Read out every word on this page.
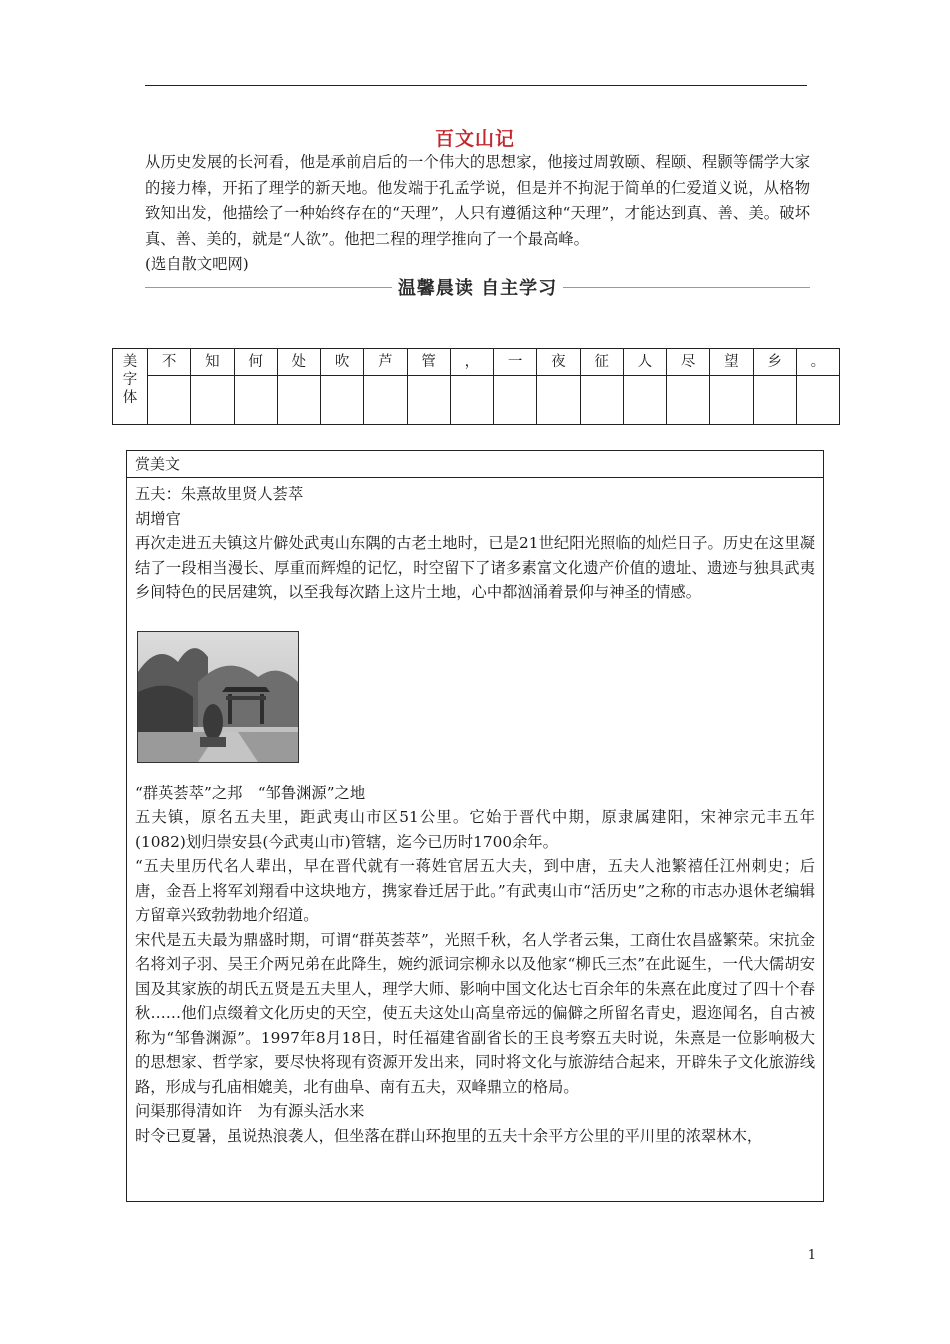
百文山记

从历史发展的长河看，他是承前启后的一个伟大的思想家，他接过周敦颐、程颐、程颢等儒学大家的接力棒，开拓了理学的新天地。他发端于孔孟学说，但是并不拘泥于简单的仁爱道义说，从格物致知出发，他描绘了一种始终存在的“天理”，人只有遵循这种“天理”，才能达到真、善、美。破坏真、善、美的，就是“人欲”。他把二程的理学推向了一个最高峰。

(选自散文吧网)

温馨晨读 自主学习
美
字
体	不	知	何	处	吹	芦	管	，	一	夜	征	人	尽	望	乡	。

赏美文

五夫：朱熹故里贤人荟萃

胡增官

再次走进五夫镇这片僻处武夷山东隅的古老土地时，已是21世纪阳光照临的灿烂日子。历史在这里凝结了一段相当漫长、厚重而辉煌的记忆，时空留下了诸多素富文化遗产价值的遗址、遗迹与独具武夷乡间特色的民居建筑，以至我每次踏上这片土地，心中都汹涌着景仰与神圣的情感。

“群英荟萃”之邦　“邹鲁渊源”之地

五夫镇，原名五夫里，距武夷山市区51公里。它始于晋代中期，原隶属建阳，宋神宗元丰五年(1082)划归崇安县(今武夷山市)管辖，迄今已历时1700余年。

“五夫里历代名人辈出，早在晋代就有一蒋姓官居五大夫，到中唐，五夫人池繁禧任江州刺史；后唐，金吾上将军刘翔看中这块地方，携家眷迁居于此。”有武夷山市“活历史”之称的市志办退休老编辑方留章兴致勃勃地介绍道。

宋代是五夫最为鼎盛时期，可谓“群英荟萃”，光照千秋，名人学者云集，工商仕农昌盛繁荣。宋抗金名将刘子羽、吴王介两兄弟在此降生，婉约派词宗柳永以及他家“柳氏三杰”在此诞生，一代大儒胡安国及其家族的胡氏五贤是五夫里人，理学大师、影响中国文化达七百余年的朱熹在此度过了四十个春秋……他们点缀着文化历史的天空，使五夫这处山高皇帝远的偏僻之所留名青史，遐迩闻名，自古被称为“邹鲁渊源”。1997年8月18日，时任福建省副省长的王良考察五夫时说，朱熹是一位影响极大的思想家、哲学家，要尽快将现有资源开发出来，同时将文化与旅游结合起来，开辟朱子文化旅游线路，形成与孔庙相媲美，北有曲阜、南有五夫，双峰鼎立的格局。

问渠那得清如许　为有源头活水来

时令已夏暑，虽说热浪袭人，但坐落在群山环抱里的五夫十余平方公里的平川里的浓翠林木，

1
